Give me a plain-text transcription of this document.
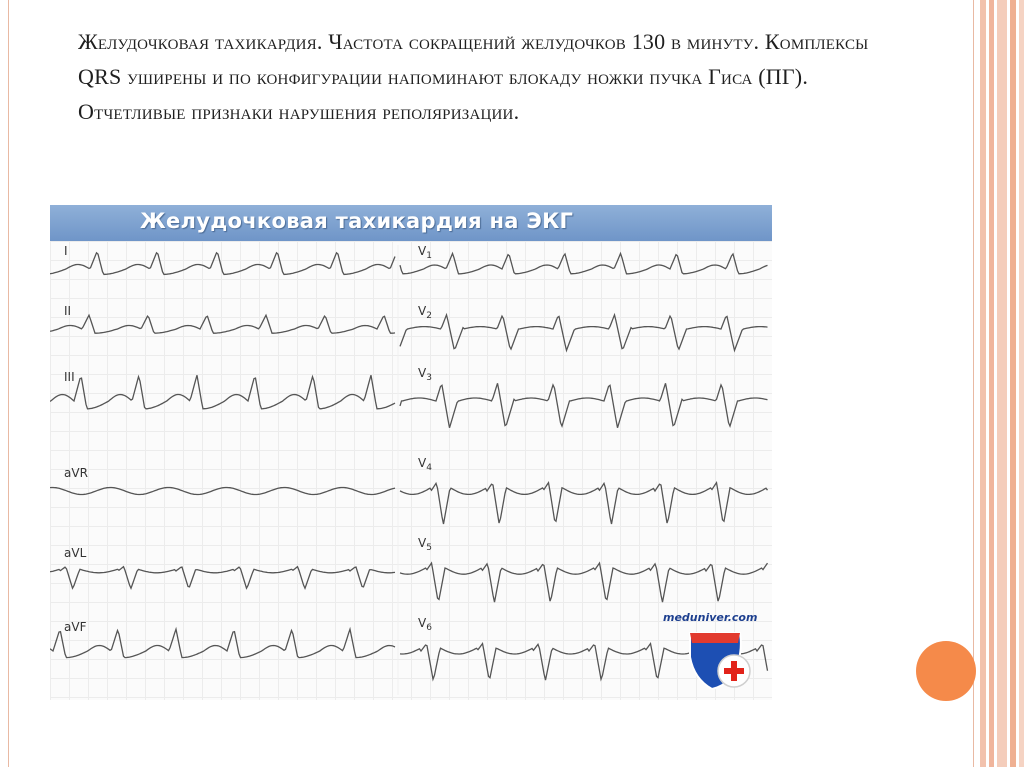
Желудочковая тахикардия. Частота сокращений желудочков 130 в минуту. Комплексы QRS уширены и по конфигурации напоминают блокаду ножки пучка Гиса (ПГ). Отчетливые признаки нарушения реполяризации.

Желудочковая тахикардия на ЭКГ
I
II
III
aVR
aVL
aVF
$V_1$
$V_2$
$V_3$
$V_4$
$V_5$
$V_6$
meduniver.com
